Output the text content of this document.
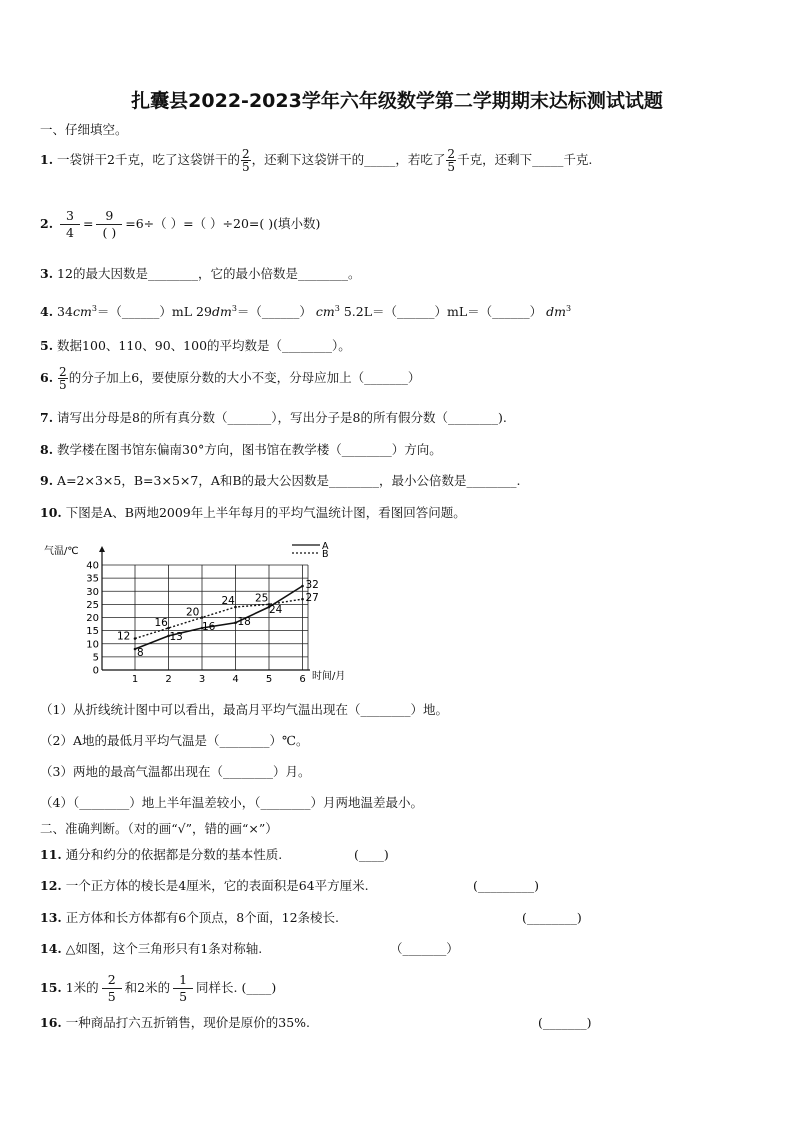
扎囊县2022-2023学年六年级数学第二学期期末达标测试试题
一、仔细填空。
1. 一袋饼干2千克，吃了这袋饼干的 $\frac{2}{5}$ ，还剩下这袋饼干的_____，若吃了 $\frac{2}{5}$ 千克，还剩下_____千克.
2. $\frac{3}{4}$ =
9
( )
=6÷（ ）=（ ）÷20=( )(填小数)
3. 12的最大因数是________，它的最小倍数是________。
4. $34cm^3=(\_\_\_\_\_\_)mL$ $29dm^3=(\_\_\_\_\_\_)$ $cm^3$ 5.2L＝（______）mL＝（______） $dm^3$
5. 数据100、110、90、100的平均数是（________）。
6. $\frac{2}{5}$ 的分子加上6，要使原分数的大小不变，分母应加上（_______）
7. 请写出分母是8的所有真分数（_______），写出分子是8的所有假分数（________).
8. 教学楼在图书馆东偏南30°方向，图书馆在教学楼（________）方向。
9. A=2×3×5，B=3×5×7，A和B的最大公因数是________，最小公倍数是________.
10. 下图是A、B两地2009年上半年每月的平均气温统计图，看图回答问题。
0
5
10
15
20
25
30
35
40
1	2	3	4	5	6
8
13
16 18
24
32
A
12
16
20
24 25	27
B
气温/℃
时间/月
（1）从折线统计图中可以看出，最高月平均气温出现在（________）地。
（2）A地的最低月平均气温是（________）℃。
（3）两地的最高气温都出现在（________）月。
（4）（________）地上半年温差较小，（________）月两地温差最小。
二、准确判断。（对的画“√”，错的画“×”）
11. 通分和约分的依据都是分数的基本性质.	(____)
12. 一个正方体的棱长是4厘米，它的表面积是64平方厘米.	(_________)
13. 正方体和长方体都有6个顶点，8个面，12条棱长.	(________)
14. △如图，这个三角形只有1条对称轴.	（_______）
15. 1米的 $\frac{2}{5}$ 和2米的 $\frac{1}{5}$ 同样长. (____)
16. 一种商品打六五折销售，现价是原价的35%.	(_______)
